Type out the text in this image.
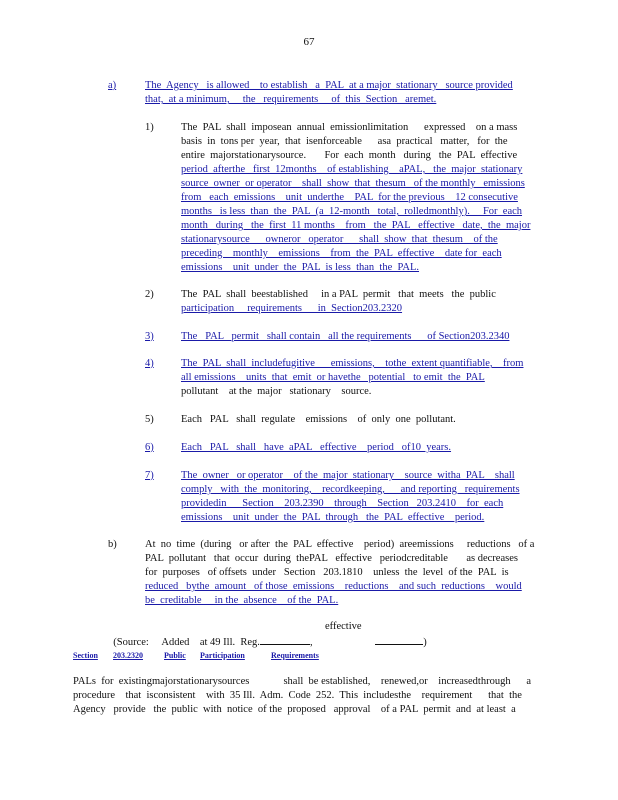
67
a)	The  Agency   is allowed    to establish   a  PAL  at a major  stationary   source provided
that,  at a minimum,     the   requirements     of  this  Section   aremet.
1)	The  PAL  shall  imposean  annual  emissionlimitation      expressed    on a mass
basis  in  tons per  year,  that  isenforceable      asa  practical   matter,   for  the
entire  majorstationarysource.       For  each  month   during   the  PAL  effective
period  afterthe   first  12months    of establishing    aPAL,   the  major  stationary
source  owner  or operator    shall  show  that  thesum   of the monthly   emissions
from   each  emissions    unit  underthe    PAL  for the previous    12 consecutive
months   is less  than  the  PAL  (a  12-month   total,  rolledmonthly).     For  each
month   during   the  first  11 months    from   the  PAL   effective   date,  the  major
stationarysource      owneror   operator      shall  show  that  thesum    of the
preceding    monthly    emissions    from  the  PAL  effective    date for  each
emissions    unit  under  the  PAL  is less  than  the  PAL.
2)	The  PAL  shall  beestablished     in a PAL  permit   that  meets   the  public
participation     requirements      in  Section203.2320
3)	The   PAL   permit   shall contain   all the requirements      of Section203.2340
4)	The  PAL  shall  includefugitive      emissions,    tothe  extent quantifiable,    from
all emissions    units  that  emit  or havethe   potential   to emit  the  PAL
pollutant    at the  major   stationary    source.
5)	Each   PAL   shall  regulate    emissions    of  only  one  pollutant.
6)	Each   PAL   shall   have  aPAL   effective    period   of10  years.
7)	The  owner   or operator    of the  major  stationary    source  witha  PAL    shall
comply   with  the  monitoring,    recordkeeping,      and reporting   requirements
providedin      Section    203.2390    through    Section   203.2410    for  each
emissions    unit  under  the  PAL  through   the  PAL  effective    period.
b)	At  no  time  (during   or after  the  PAL  effective    period)  areemissions     reductions   of a
PAL  pollutant   that  occur  during  thePAL   effective   periodcreditable       as decreases
for  purposes   of offsets  under   Section   203.1810    unless  the  level  of the  PAL  is
reduced   bythe  amount   of those  emissions    reductions    and such  reductions    would
be  creditable     in the  absence    of the  PAL.

(Source:     Added    at 49 Ill.  Reg.	,

effective

)

Section 203.2320	Public Participation	Requirements
PALs  for  existingmajorstationarysources             shall  be established,    renewed,or    increasedthrough      a
procedure    that  isconsistent    with  35 Ill.  Adm.  Code  252.  This  includesthe    requirement      that  the
Agency   provide   the  public  with  notice  of the  proposed   approval    of a PAL  permit  and  at least  a
